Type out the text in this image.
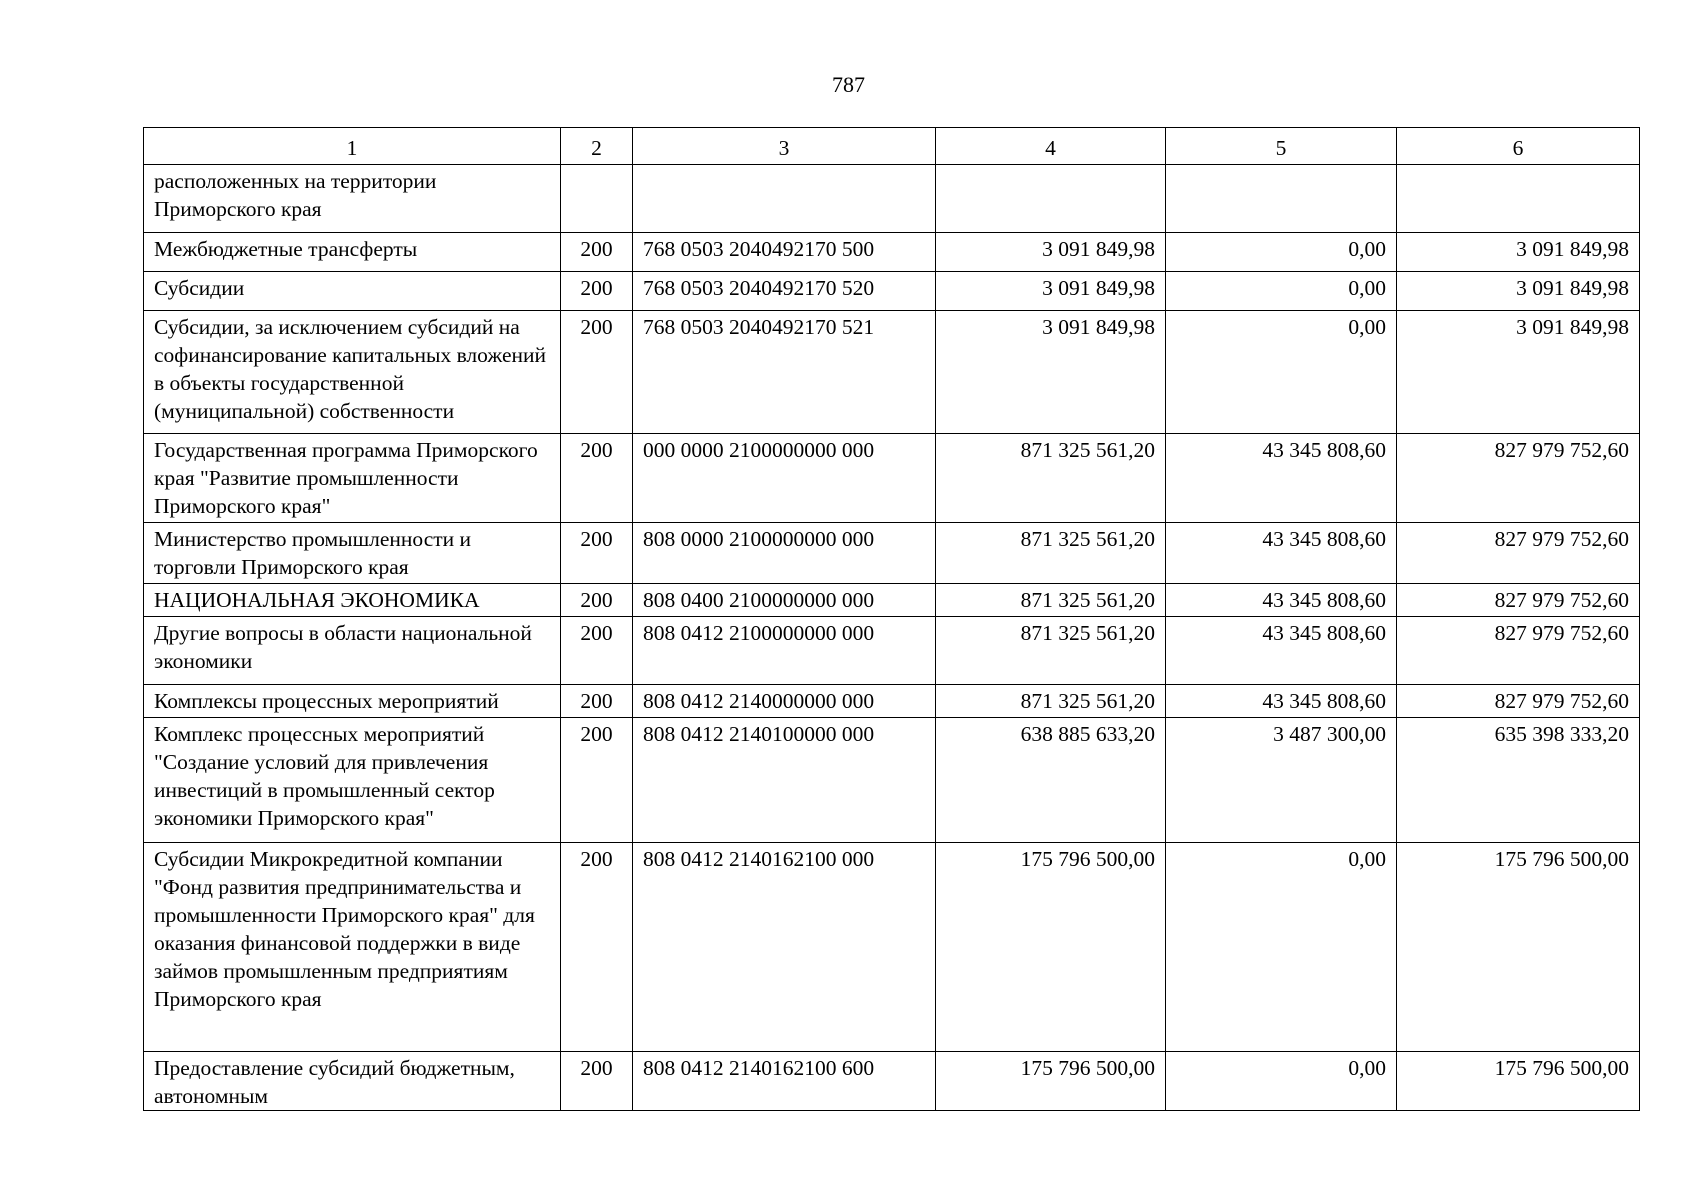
787
1	2	3	4	5	6
расположенных на территории Приморского края					
Межбюджетные трансферты	200	768 0503 2040492170 500	3 091 849,98	0,00	3 091 849,98
Субсидии	200	768 0503 2040492170 520	3 091 849,98	0,00	3 091 849,98
Субсидии, за исключением субсидий на софинансирование капитальных вложений в объекты государственной (муниципальной) собственности	200	768 0503 2040492170 521	3 091 849,98	0,00	3 091 849,98
Государственная программа Приморского края "Развитие промышленности Приморского края"	200	000 0000 2100000000 000	871 325 561,20	43 345 808,60	827 979 752,60
Министерство промышленности и торговли Приморского края	200	808 0000 2100000000 000	871 325 561,20	43 345 808,60	827 979 752,60
НАЦИОНАЛЬНАЯ ЭКОНОМИКА	200	808 0400 2100000000 000	871 325 561,20	43 345 808,60	827 979 752,60
Другие вопросы в области национальной экономики	200	808 0412 2100000000 000	871 325 561,20	43 345 808,60	827 979 752,60
Комплексы процессных мероприятий	200	808 0412 2140000000 000	871 325 561,20	43 345 808,60	827 979 752,60
Комплекс процессных мероприятий "Создание условий для привлечения инвестиций в промышленный сектор экономики Приморского края"	200	808 0412 2140100000 000	638 885 633,20	3 487 300,00	635 398 333,20
Субсидии Микрокредитной компании "Фонд развития предпринимательства и промышленности Приморского края" для оказания финансовой поддержки в виде займов промышленным предприятиям Приморского края	200	808 0412 2140162100 000	175 796 500,00	0,00	175 796 500,00
Предоставление субсидий бюджетным, автономным	200	808 0412 2140162100 600	175 796 500,00	0,00	175 796 500,00
